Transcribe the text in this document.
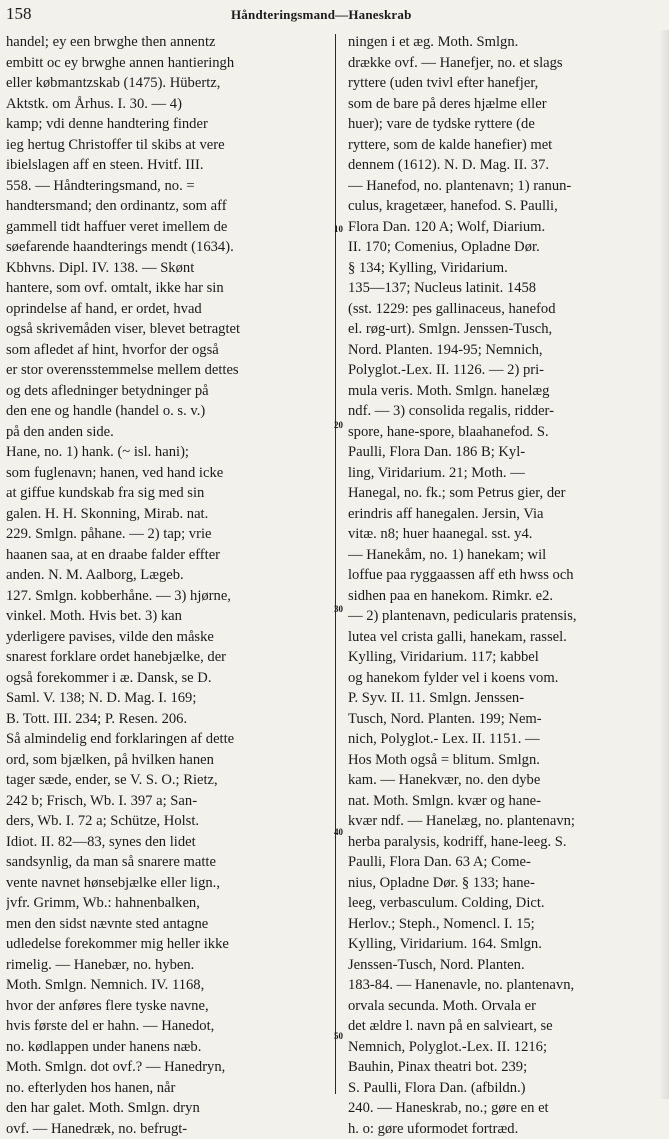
158	Håndteringsmand—Haneskrab
handel; ey een brwghe then annentz
embitt oc ey brwghe annen hantieringh
eller købmantzskab (1475). Hübertz,
Aktstk. om Århus. I. 30. — 4)
kamp; vdi denne handtering finder
ieg hertug Christoffer til skibs at vere
ibielslagen aff en steen. Hvitf. III.
558. — Håndteringsmand, no. =
handtersmand; den ordinantz, som aff
gammell tidt haffuer veret imellem de
søefarende haandterings mendt (1634).
Kbhvns. Dipl. IV. 138. — Skønt
hantere, som ovf. omtalt, ikke har sin
oprindelse af hand, er ordet, hvad
også skrivemåden viser, blevet betragtet
som afledet af hint, hvorfor der også
er stor overensstemmelse mellem dettes
og dets afledninger betydninger på
den ene og handle (handel o. s. v.)
på den anden side.
Hane, no. 1) hank. (~ isl. hani);
som fuglenavn; hanen, ved hand icke
at giffue kundskab fra sig med sin
galen. H. H. Skonning, Mirab. nat.
229. Smlgn. påhane. — 2) tap; vrie
haanen saa, at en draabe falder effter
anden. N. M. Aalborg, Lægeb.
127. Smlgn. kobberhåne. — 3) hjørne,
vinkel. Moth. Hvis bet. 3) kan
yderligere pavises, vilde den måske
snarest forklare ordet hanebjælke, der
også forekommer i æ. Dansk, se D.
Saml. V. 138; N. D. Mag. I. 169;
B. Tott. III. 234; P. Resen. 206.
Så almindelig end forklaringen af dette
ord, som bjælken, på hvilken hanen
tager sæde, ender, se V. S. O.; Rietz,
242 b; Frisch, Wb. I. 397 a; San-
ders, Wb. I. 72 a; Schütze, Holst.
Idiot. II. 82—83, synes den lidet
sandsynlig, da man så snarere matte
vente navnet hønsebjælke eller lign.,
jvfr. Grimm, Wb.: hahnenbalken,
men den sidst nævnte sted antagne
udledelse forekommer mig heller ikke
rimelig. — Hanebær, no. hyben.
Moth. Smlgn. Nemnich. IV. 1168,
hvor der anføres flere tyske navne,
hvis første del er hahn. — Hanedot,
no. kødlappen under hanens næb.
Moth. Smlgn. dot ovf.? — Hanedryn,
no. efterlyden hos hanen, når
den har galet. Moth. Smlgn. dryn
ovf. — Hanedræk, no. befrugt-
ningen i et æg. Moth. Smlgn.
drække ovf. — Hanefjer, no. et slags
ryttere (uden tvivl efter hanefjer,
som de bare på deres hjælme eller
huer); vare de tydske ryttere (de
ryttere, som de kalde hanefier) met
dennem (1612). N. D. Mag. II. 37.
— Hanefod, no. plantenavn; 1) ranun-
culus, kragetæer, hanefod. S. Paulli,
Flora Dan. 120 A; Wolf, Diarium.
II. 170; Comenius, Opladne Dør.
§ 134; Kylling, Viridarium.
135—137; Nucleus latinit. 1458
(sst. 1229: pes gallinaceus, hanefod
el. røg-urt). Smlgn. Jenssen-Tusch,
Nord. Planten. 194-95; Nemnich,
Polyglot.-Lex. II. 1126. — 2) pri-
mula veris. Moth. Smlgn. hanelæg
ndf. — 3) consolida regalis, ridder-
spore, hane-spore, blaahanefod. S.
Paulli, Flora Dan. 186 B; Kyl-
ling, Viridarium. 21; Moth. —
Hanegal, no. fk.; som Petrus gier, der
erindris aff hanegalen. Jersin, Via
vitæ. n8; huer haanegal. sst. y4.
— Hanekåm, no. 1) hanekam; wil
loffue paa ryggaassen aff eth hwss och
sidhen paa en hanekom. Rimkr. e2.
— 2) plantenavn, pedicularis pratensis,
lutea vel crista galli, hanekam, rassel.
Kylling, Viridarium. 117; kabbel
og hanekom fylder vel i koens vom.
P. Syv. II. 11. Smlgn. Jenssen-
Tusch, Nord. Planten. 199; Nem-
nich, Polyglot.- Lex. II. 1151. —
Hos Moth også = blitum. Smlgn.
kam. — Hanekvær, no. den dybe
nat. Moth. Smlgn. kvær og hane-
kvær ndf. — Hanelæg, no. plantenavn;
herba paralysis, kodriff, hane-leeg. S.
Paulli, Flora Dan. 63 A; Come-
nius, Opladne Dør. § 133; hane-
leeg, verbasculum. Colding, Dict.
Herlov.; Steph., Nomencl. I. 15;
Kylling, Viridarium. 164. Smlgn.
Jenssen-Tusch, Nord. Planten.
183-84. — Hanenavle, no. plantenavn,
orvala secunda. Moth. Orvala er
det ældre l. navn på en salvieart, se
Nemnich, Polyglot.-Lex. II. 1216;
Bauhin, Pinax theatri bot. 239;
S. Paulli, Flora Dan. (afbildn.)
240. — Haneskrab, no.; gøre en et
h. o: gøre uformodet fortræd.
10
20
30
40
50
